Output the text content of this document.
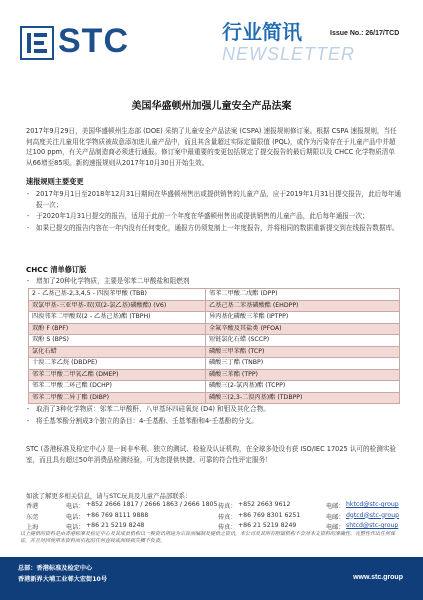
STC	行业简讯
NEWSLETTER
Issue No.: 26/17/TCD
美国华盛顿州加强儿童安全产品法案
2017年9月29日，美国华盛顿州生态部 (DOE) 采纳了儿童安全产品法案 (CSPA) 速报规则修订案。根据 CSPA 速报规则，当任何高度关注儿童用化学物质被故意添加进儿童产品中，而且其含量超过实际定量限值 (PQL)，或作为污染存在于儿童产品中并超过100 ppm，有关产品制造商必须进行通报。修订案中最重要的变更包括规定了提交报告的最后期限以及 CHCC 化学物质清单从66增至85项。新的速报规则从2017年10月30日开始生效。
速报规则主要变更
- 2017年9月1日至2018年12月31日期间在华盛顿州售出或提供销售的儿童产品，应于2019年1月31日提交报告，此后每年通报一次；
- 于2020年1月31日提交的报告，适用于此前一个年度在华盛顿州售出或提供销售的儿童产品，此后每年通报一次；
- 如果已提交的报告内容在一年内没有任何变化，通报方仍须复制上一年度报告，并将相同的数据重新提交到在线报告数据库。
CHCC 清单修订版
- 增加了20种化学物质，主要是邻苯二甲酸盐和阻燃剂
2 - 乙基己基-2,3,4,5 - 四溴苯甲酸 (TBB)	邻苯二甲酸二戊酯 (DPP)
双氯甲基-三亚甲基-双(双(2-氯乙基)磷酸酯) (V6)	乙基己基二苯基磷酸酯 (EHDPP)
四溴邻苯二甲酸双(2 - 乙基己基)酯 (TBPH)	异丙基化磷酸三苯酯 (IPTPP)
双酚 F (BPF)	全氟辛酸及其盐类 (PFOA)
双酚 S (BPS)	短链氯化石蜡 (SCCP)
氯化石蜡	磷酸三甲苯酯 (TCP)
十溴二苯乙烷 (DBDPE)	磷酸三丁酯 (TNBP)
邻苯二甲酸二甲氧乙酯 (DMEP)	磷酸三苯酯 (TPP)
邻苯二甲酸二环己酯 (DCHP)	磷酸三(2-氯丙基)酯 (TCPP)
邻苯二甲酸二异丁酯 (DIBP)	磷酸三(2,3-二溴丙基)酯 (TDBPP)
- 取消了3种化学物质：邻苯二甲酸酐、八甲基环四硅氧烷 (D4) 和钼及其化合物。
- 将壬基苯酚分割成3个独立的条目：4-壬基酚、壬基苯酚和4-壬基酚的分支。
STC (香港标准及检定中心) 是一间非牟利、独立的测试、检验及认证机构，在全球多处设有获 ISO/IEC 17025 认可的检测实验室，而且具有超过50年消费品检测经验，可为您提供快捷、可靠的符合性评定服务！
如欲了解更多相关信息，请与STC玩具及儿童产品部联系：
香港	电话： +852 2666 1817 / 2666 1863 / 2666 1805 传真： +852 2663 9612	电邮： hktcd@stc-group
东莞	电话： +86 769 8111 9888	传真： +86 769 8301 6251	电邮： dgtcd@stc-group
上海	电话： +86 21 5219 8248	传真： +86 21 5219 8249	电邮： shtcd@stc-group
以上提供的资料是由香港标准及检定中心及其成员机构以一般资讯用途为宗旨而编制及提供之资讯，本公司及其所有附属机构不会对本文资料的准确性、完整性作出任何保证，并且对因使用本资料而引起的任何直接或间接损失概不负责。
总部：香港标准及检定中心
香港新界大埔工业邨大宏街10号	www.stc.group
